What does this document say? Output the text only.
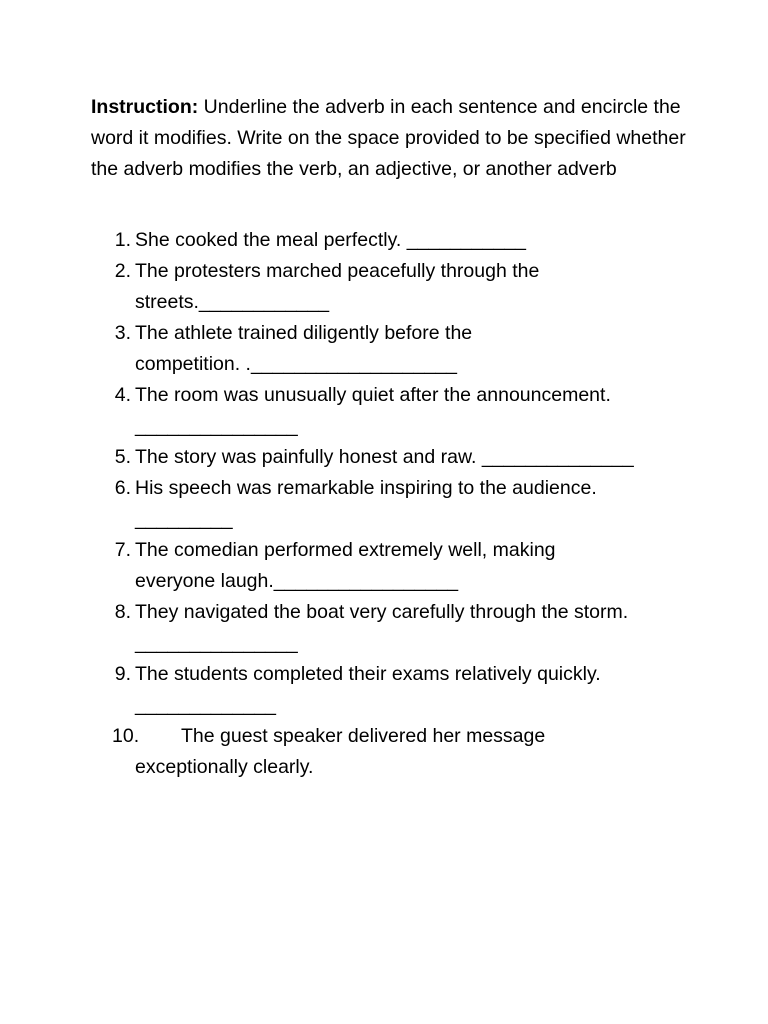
Instruction: Underline the adverb in each sentence and encircle the word it modifies. Write on the space provided to be specified whether the adverb modifies the verb, an adjective, or another adverb
1. She cooked the meal perfectly. ___________
2. The protesters marched peacefully through the
streets.____________
3. The athlete trained diligently before the
competition. .___________________
4. The room was unusually quiet after the announcement.
_______________
5. The story was painfully honest and raw. ______________
6. His speech was remarkable inspiring to the audience.
_________
7. The comedian performed extremely well, making
everyone laugh._________________
8. They navigated the boat very carefully through the storm.
_______________
9. The students completed their exams relatively quickly.
_____________
10.	The guest speaker delivered her message
exceptionally clearly.
